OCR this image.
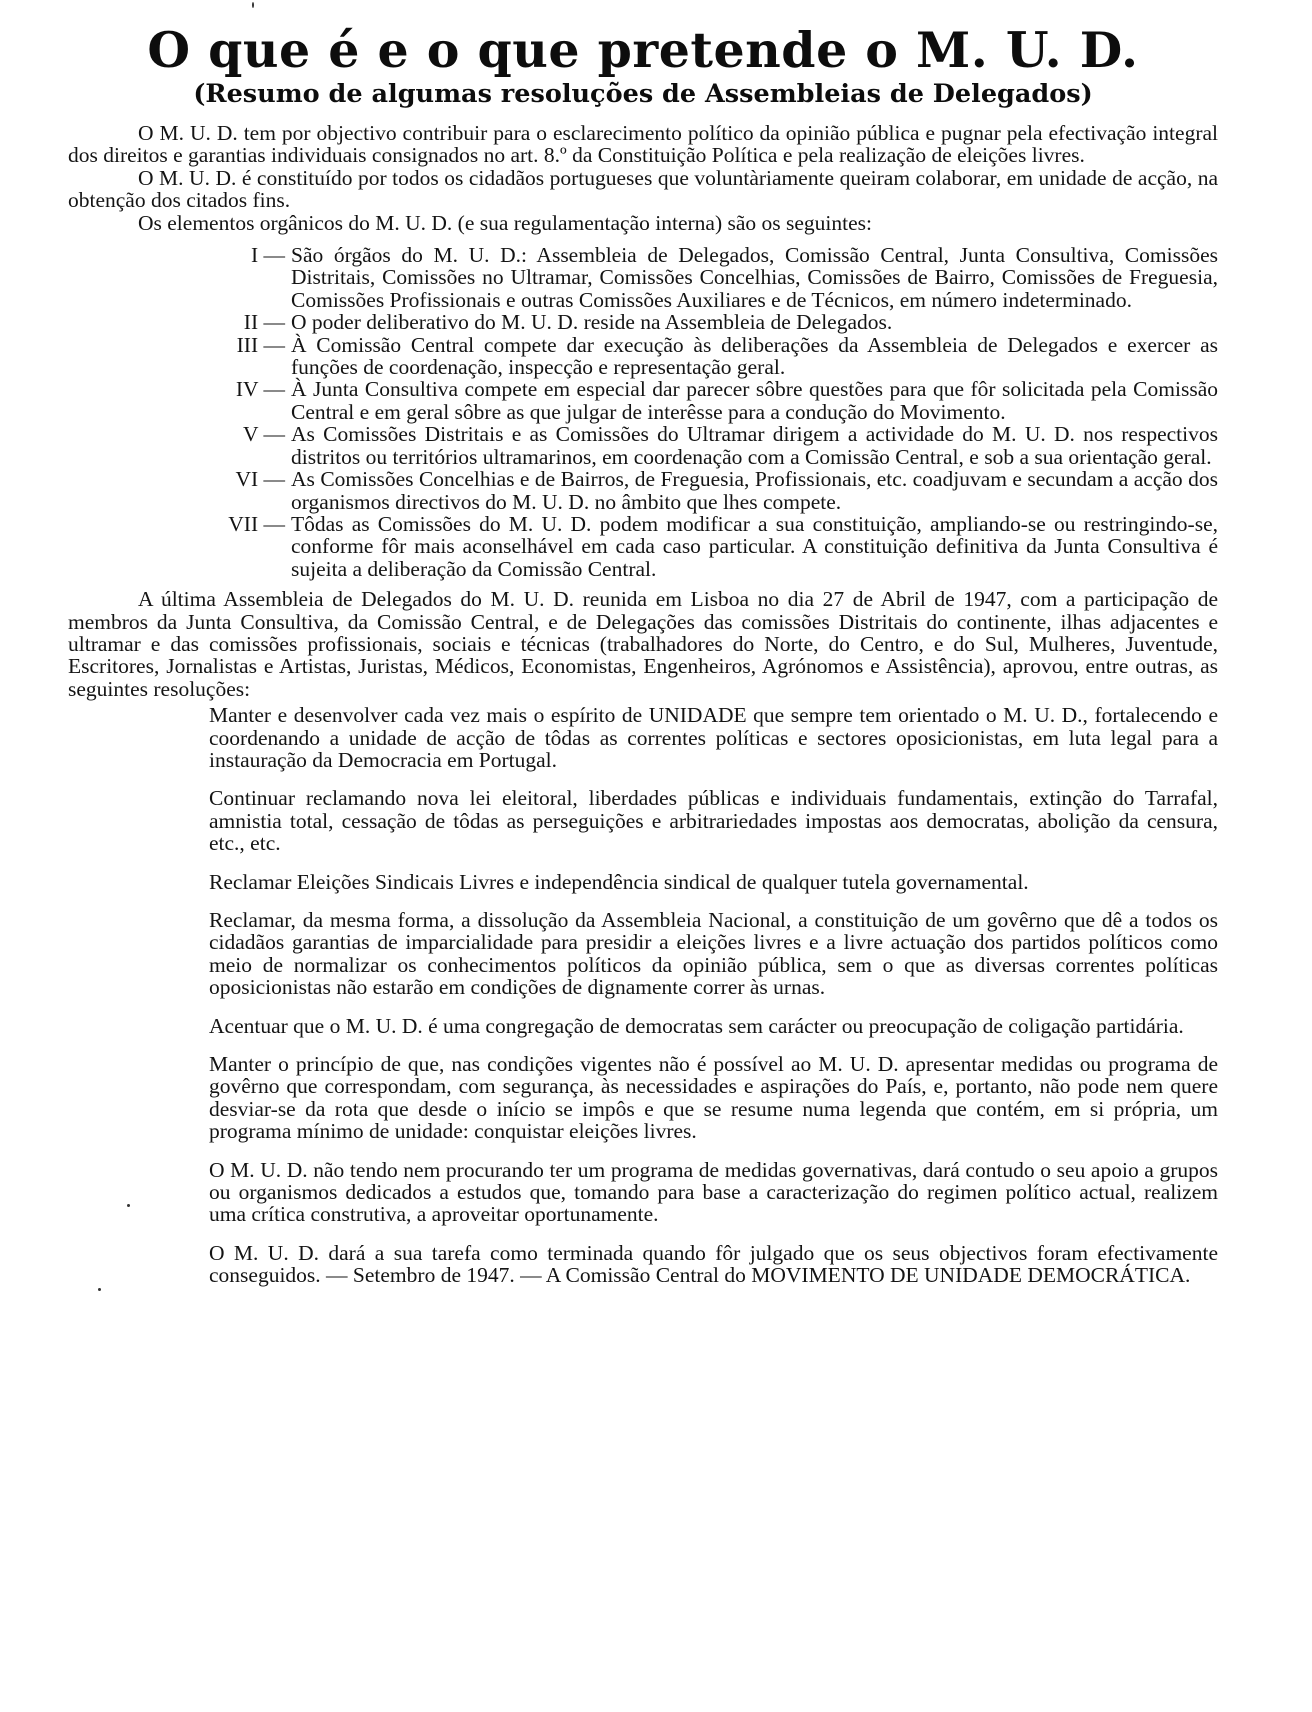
O que é e o que pretende o M. U. D.
(Resumo de algumas resoluções de Assembleias de Delegados)

O M. U. D. tem por objectivo contribuir para o esclarecimento político da opinião pública e pugnar pela efectivação integral dos direitos e garantias individuais consignados no art. 8.º da Constituição Política e pela realização de eleições livres.

O M. U. D. é constituído por todos os cidadãos portugueses que voluntàriamente queiram colaborar, em unidade de acção, na obtenção dos citados fins.

Os elementos orgânicos do M. U. D. (e sua regulamentação interna) são os seguintes:

I — São órgãos do M. U. D.: Assembleia de Delegados, Comissão Central, Junta Consultiva, Comissões Distritais, Comissões no Ultramar, Comissões Concelhias, Comissões de Bairro, Comissões de Freguesia, Comissões Profissionais e outras Comissões Auxiliares e de Técnicos, em número indeterminado.
II — O poder deliberativo do M. U. D. reside na Assembleia de Delegados.
III — À Comissão Central compete dar execução às deliberações da Assembleia de Delegados e exercer as funções de coordenação, inspecção e representação geral.
IV — À Junta Consultiva compete em especial dar parecer sôbre questões para que fôr solicitada pela Comissão Central e em geral sôbre as que julgar de interêsse para a condução do Movimento.
V — As Comissões Distritais e as Comissões do Ultramar dirigem a actividade do M. U. D. nos respectivos distritos ou territórios ultramarinos, em coordenação com a Comissão Central, e sob a sua orientação geral.
VI — As Comissões Concelhias e de Bairros, de Freguesia, Profissionais, etc. coadjuvam e secundam a acção dos organismos directivos do M. U. D. no âmbito que lhes compete.
VII — Tôdas as Comissões do M. U. D. podem modificar a sua constituição, ampliando-se ou restringindo-se, conforme fôr mais aconselhável em cada caso particular. A constituição definitiva da Junta Consultiva é sujeita a deliberação da Comissão Central.

A última Assembleia de Delegados do M. U. D. reunida em Lisboa no dia 27 de Abril de 1947, com a participação de membros da Junta Consultiva, da Comissão Central, e de Delegações das comissões Distritais do continente, ilhas adjacentes e ultramar e das comissões profissionais, sociais e técnicas (trabalhadores do Norte, do Centro, e do Sul, Mulheres, Juventude, Escritores, Jornalistas e Artistas, Juristas, Médicos, Economistas, Engenheiros, Agrónomos e Assistência), aprovou, entre outras, as seguintes resoluções:

Manter e desenvolver cada vez mais o espírito de UNIDADE que sempre tem orientado o M. U. D., fortalecendo e coordenando a unidade de acção de tôdas as correntes políticas e sectores oposicionistas, em luta legal para a instauração da Democracia em Portugal.

Continuar reclamando nova lei eleitoral, liberdades públicas e individuais fundamentais, extinção do Tarrafal, amnistia total, cessação de tôdas as perseguições e arbitrariedades impostas aos democratas, abolição da censura, etc., etc.

Reclamar Eleições Sindicais Livres e independência sindical de qualquer tutela governamental.

Reclamar, da mesma forma, a dissolução da Assembleia Nacional, a constituição de um govêrno que dê a todos os cidadãos garantias de imparcialidade para presidir a eleições livres e a livre actuação dos partidos políticos como meio de normalizar os conhecimentos políticos da opinião pública, sem o que as diversas correntes políticas oposicionistas não estarão em condições de dignamente correr às urnas.

Acentuar que o M. U. D. é uma congregação de democratas sem carácter ou preocupação de coligação partidária.

Manter o princípio de que, nas condições vigentes não é possível ao M. U. D. apresentar medidas ou programa de govêrno que correspondam, com segurança, às necessidades e aspirações do País, e, portanto, não pode nem quere desviar-se da rota que desde o início se impôs e que se resume numa legenda que contém, em si própria, um programa mínimo de unidade: conquistar eleições livres.

O M. U. D. não tendo nem procurando ter um programa de medidas governativas, dará contudo o seu apoio a grupos ou organismos dedicados a estudos que, tomando para base a caracterização do regimen político actual, realizem uma crítica construtiva, a aproveitar oportunamente.

O M. U. D. dará a sua tarefa como terminada quando fôr julgado que os seus objectivos foram efectivamente conseguidos. — Setembro de 1947. — A Comissão Central do MOVIMENTO DE UNIDADE DEMOCRÁTICA.
